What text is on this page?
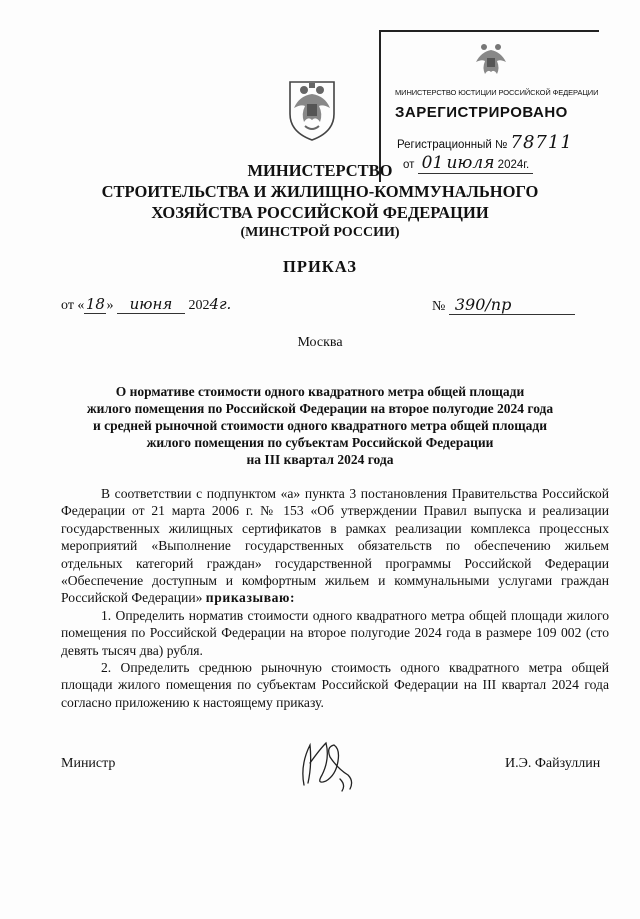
МИНИСТЕРСТВО ЮСТИЦИИ РОССИЙСКОЙ ФЕДЕРАЦИИ
ЗАРЕГИСТРИРОВАНО
Регистрационный № 78711
от 01 июля 2024г.
МИНИСТЕРСТВО
СТРОИТЕЛЬСТВА И ЖИЛИЩНО-КОММУНАЛЬНОГО
ХОЗЯЙСТВА РОССИЙСКОЙ ФЕДЕРАЦИИ
(МИНСТРОЙ РОССИИ)
ПРИКАЗ
от «18» июня 2024г.	№ 390/пр
Москва
О нормативе стоимости одного квадратного метра общей площади
жилого помещения по Российской Федерации на второе полугодие 2024 года
и средней рыночной стоимости одного квадратного метра общей площади
жилого помещения по субъектам Российской Федерации
на III квартал 2024 года

В соответствии с подпунктом «а» пункта 3 постановления Правительства Российской Федерации от 21 марта 2006 г. № 153 «Об утверждении Правил выпуска и реализации государственных жилищных сертификатов в рамках реализации комплекса процессных мероприятий «Выполнение государственных обязательств по обеспечению жильем отдельных категорий граждан» государственной программы Российской Федерации «Обеспечение доступным и комфортным жильем и коммунальными услугами граждан Российской Федерации» приказываю:

1. Определить норматив стоимости одного квадратного метра общей площади жилого помещения по Российской Федерации на второе полугодие 2024 года в размере 109 002 (сто девять тысяч два) рубля.

2. Определить среднюю рыночную стоимость одного квадратного метра общей площади жилого помещения по субъектам Российской Федерации на III квартал 2024 года согласно приложению к настоящему приказу.

Министр	И.Э. Файзуллин
